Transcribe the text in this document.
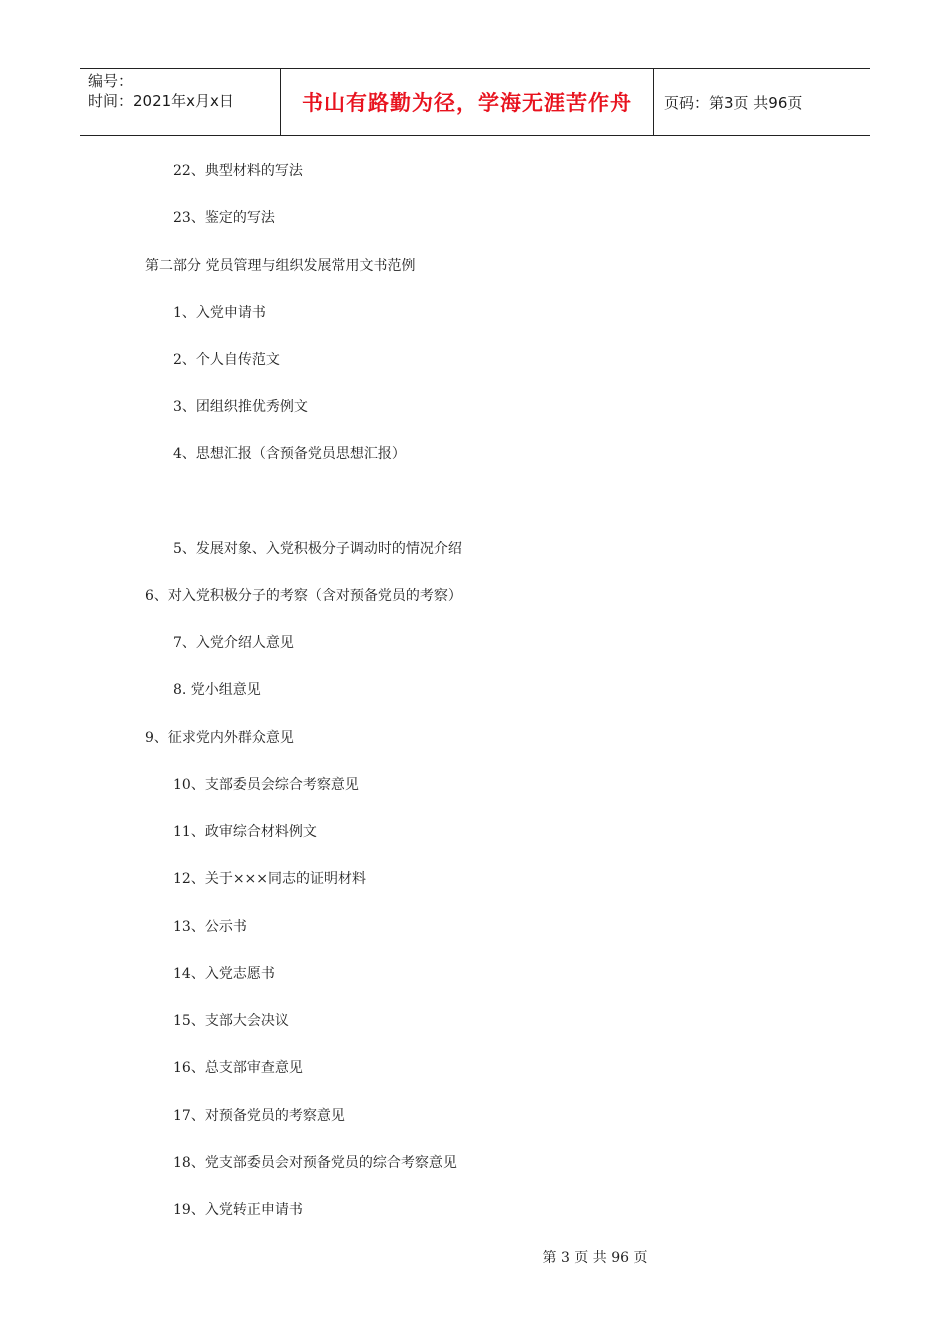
编号：
时间：2021年x月x日	书山有路勤为径，学海无涯苦作舟	页码：第3页 共96页
22、典型材料的写法
23、鉴定的写法
第二部分 党员管理与组织发展常用文书范例
1、入党申请书
2、个人自传范文
3、团组织推优秀例文
4、思想汇报（含预备党员思想汇报）
5、发展对象、入党积极分子调动时的情况介绍
6、对入党积极分子的考察（含对预备党员的考察）
7、入党介绍人意见
8. 党小组意见
9、征求党内外群众意见
10、支部委员会综合考察意见
11、政审综合材料例文
12、关于×××同志的证明材料
13、公示书
14、入党志愿书
15、支部大会决议
16、总支部审查意见
17、对预备党员的考察意见
18、党支部委员会对预备党员的综合考察意见
19、入党转正申请书
第 3 页 共 96 页
